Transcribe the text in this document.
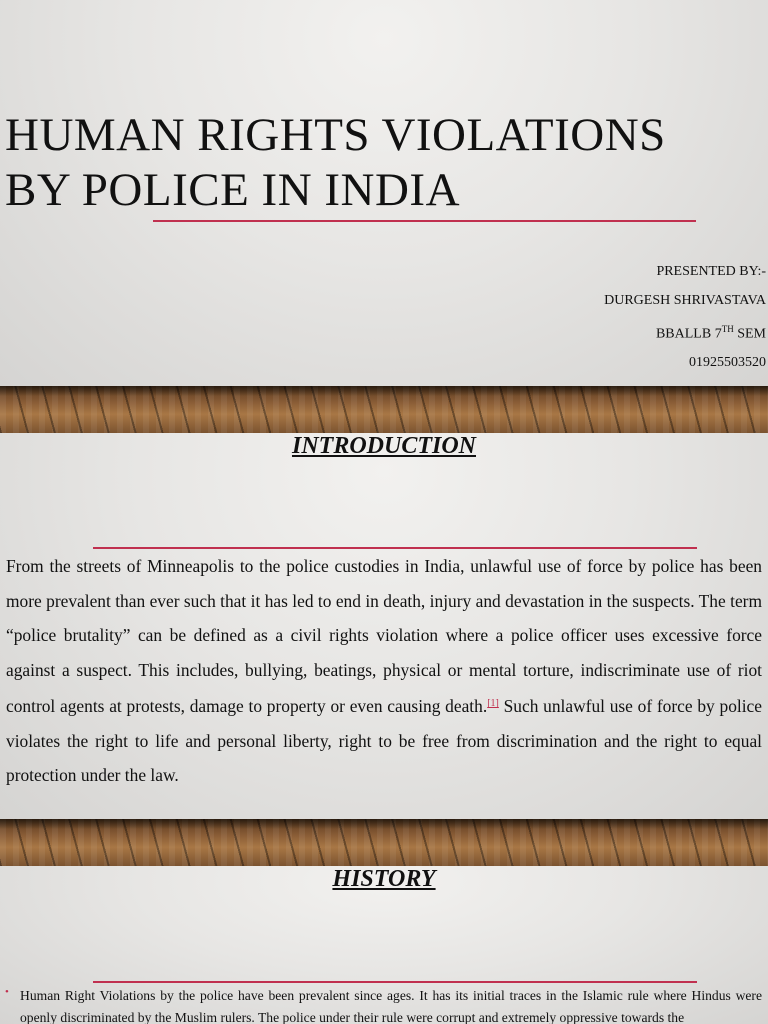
HUMAN RIGHTS VIOLATIONS
BY POLICE IN INDIA
PRESENTED BY:-
DURGESH SHRIVASTAVA
BBALLB 7TH SEM
01925503520
INTRODUCTION

From the streets of Minneapolis to the police custodies in India, unlawful use of force by police has been more prevalent than ever such that it has led to end in death, injury and devastation in the suspects. The term “police brutality” can be defined as a civil rights violation where a police officer uses excessive force against a suspect. This includes, bullying, beatings, physical or mental torture, indiscriminate use of riot control agents at protests, damage to property or even causing death.[1] Such unlawful use of force by police violates the right to life and personal liberty, right to be free from discrimination and the right to equal protection under the law.

HISTORY
• Human Right Violations by the police have been prevalent since ages. It has its initial traces in the Islamic rule where Hindus were openly discriminated by the Muslim rulers. The police under their rule were corrupt and extremely oppressive towards the
